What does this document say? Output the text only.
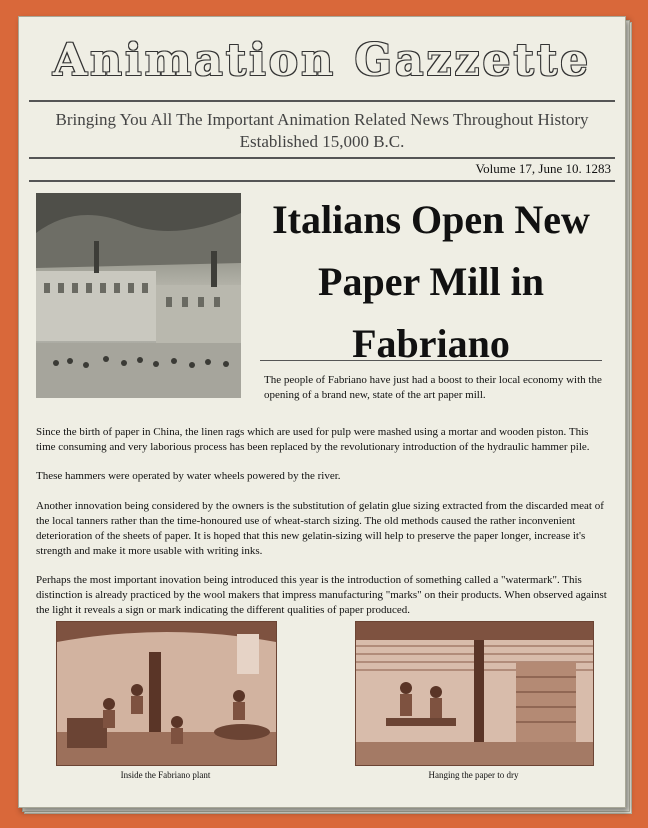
Animation Gazzette
Bringing You All The Important Animation Related News Throughout History
Established 15,000 B.C.
Volume 17, June 10. 1283
Italians Open New
Paper Mill in
Fabriano
The people of Fabriano have just had a boost to their local economy with the opening of a brand new, state of the art paper mill.
Since the birth of paper in China, the linen rags which are used for pulp were mashed using a mortar and wooden piston. This time consuming and very laborious process has been replaced by the revolutionary introduction of the hydraulic hammer pile.
These hammers were operated by water wheels powered by the river.
Another innovation being considered by the owners is the substitution of gelatin glue sizing extracted from the discarded meat of the local tanners rather than the time-honoured use of wheat-starch sizing. The old methods caused the rather inconvenient deterioration of the sheets of paper. It is hoped that this new gelatin-sizing will help to preserve the paper longer, increase it's strength and make it more usable with writing inks.
Perhaps the most important inovation being introduced this year is the introduction of something called a "watermark". This distinction is already practiced by the wool makers that impress manufacturing "marks" on their products. When observed against the light it reveals a sign or mark indicating the different qualities of paper produced.
Inside the Fabriano plant	Hanging the paper to dry
